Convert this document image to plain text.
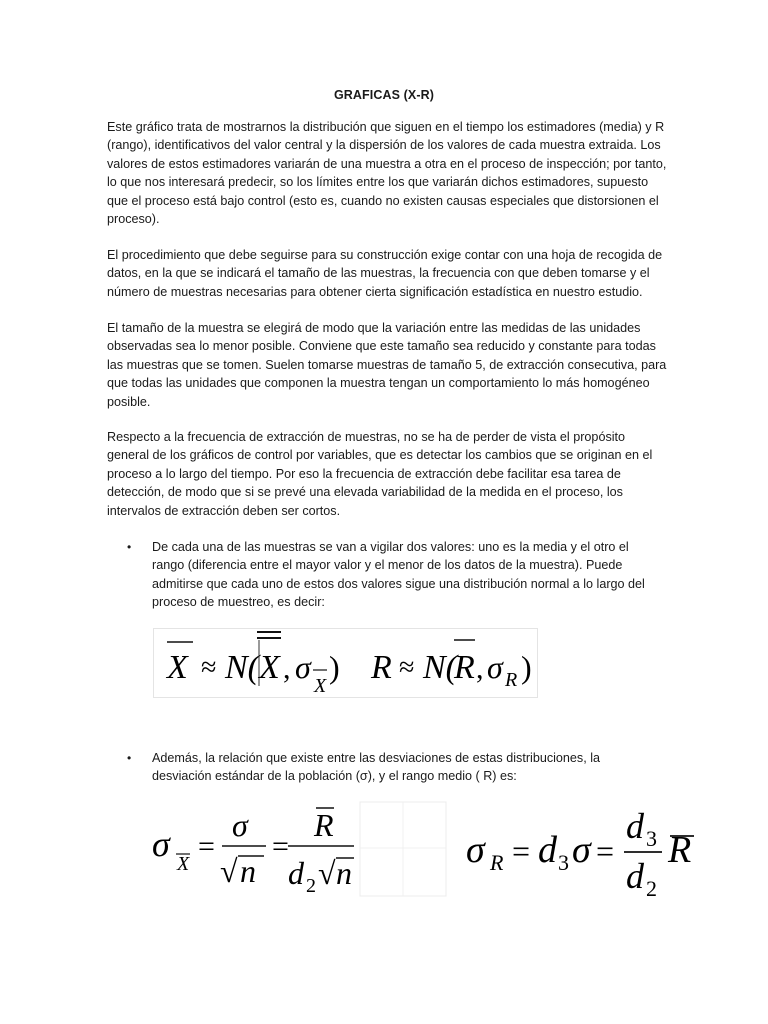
GRAFICAS (X-R)

Este gráfico trata de mostrarnos la distribución que siguen en el tiempo los estimadores (media) y R (rango), identificativos del valor central y la dispersión de los valores de cada muestra extraida. Los valores de estos estimadores variarán de una muestra a otra en el proceso de inspección; por tanto, lo que nos interesará predecir, so los límites entre los que variarán dichos estimadores, supuesto que el proceso está bajo control (esto es, cuando no existen causas especiales que distorsionen el proceso).

El procedimiento que debe seguirse para su construcción exige contar con una hoja de recogida de datos, en la que se indicará el tamaño de las muestras, la frecuencia con que deben tomarse y el número de muestras necesarias para obtener cierta significación estadística en nuestro estudio.

El tamaño de la muestra se elegirá de modo que la variación entre las medidas de las unidades observadas sea lo menor posible. Conviene que este tamaño sea reducido y constante para todas las muestras que se tomen. Suelen tomarse muestras de tamaño 5, de extracción consecutiva, para que todas las unidades que componen la muestra tengan un comportamiento lo más homogéneo posible.

Respecto a la frecuencia de extracción de muestras, no se ha de perder de vista el propósito general de los gráficos de control por variables, que es detectar los cambios que se originan en el proceso a lo largo del tiempo. Por eso la frecuencia de extracción debe facilitar esa tarea de detección, de modo que si se prevé una elevada variabilidad de la medida en el proceso, los intervalos de extracción deben ser cortos.

• De cada una de las muestras se van a vigilar dos valores: uno es la media y el otro el rango (diferencia entre el mayor valor y el menor de los datos de la muestra). Puede admitirse que cada uno de estos dos valores sigue una distribución normal a lo largo del proceso de muestreo, es decir:

X ≈ N( X , σ
X
) R ≈ N(
R , σ R )
• Además, la relación que existe entre las desviaciones de estas distribuciones, la desviación estándar de la población (σ), y el rango medio ( R) es:

σ X
=
σ
√ n
=
R
d 2 √ n
σ R = d 3 σ =
d 3
d 2
R
